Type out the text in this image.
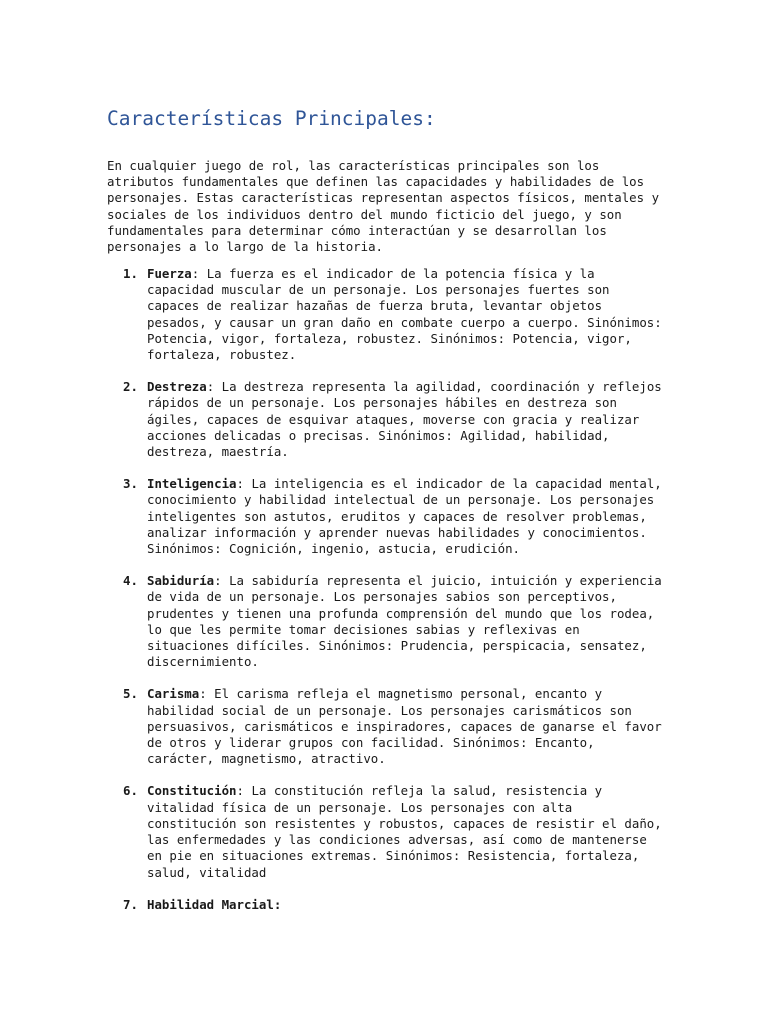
Características Principales:

En cualquier juego de rol, las características principales son los atributos fundamentales que definen las capacidades y habilidades de los personajes. Estas características representan aspectos físicos, mentales y sociales de los individuos dentro del mundo ficticio del juego, y son fundamentales para determinar cómo interactúan y se desarrollan los personajes a lo largo de la historia.

1. Fuerza: La fuerza es el indicador de la potencia física y la capacidad muscular de un personaje. Los personajes fuertes son capaces de realizar hazañas de fuerza bruta, levantar objetos pesados, y causar un gran daño en combate cuerpo a cuerpo. Sinónimos: Potencia, vigor, fortaleza, robustez. Sinónimos: Potencia, vigor, fortaleza, robustez.
2. Destreza: La destreza representa la agilidad, coordinación y reflejos rápidos de un personaje. Los personajes hábiles en destreza son ágiles, capaces de esquivar ataques, moverse con gracia y realizar acciones delicadas o precisas. Sinónimos: Agilidad, habilidad, destreza, maestría.
3. Inteligencia: La inteligencia es el indicador de la capacidad mental, conocimiento y habilidad intelectual de un personaje. Los personajes inteligentes son astutos, eruditos y capaces de resolver problemas, analizar información y aprender nuevas habilidades y conocimientos. Sinónimos: Cognición, ingenio, astucia, erudición.
4. Sabiduría: La sabiduría representa el juicio, intuición y experiencia de vida de un personaje. Los personajes sabios son perceptivos, prudentes y tienen una profunda comprensión del mundo que los rodea, lo que les permite tomar decisiones sabias y reflexivas en situaciones difíciles. Sinónimos: Prudencia, perspicacia, sensatez, discernimiento.
5. Carisma: El carisma refleja el magnetismo personal, encanto y habilidad social de un personaje. Los personajes carismáticos son persuasivos, carismáticos e inspiradores, capaces de ganarse el favor de otros y liderar grupos con facilidad. Sinónimos: Encanto, carácter, magnetismo, atractivo.
6. Constitución: La constitución refleja la salud, resistencia y vitalidad física de un personaje. Los personajes con alta constitución son resistentes y robustos, capaces de resistir el daño, las enfermedades y las condiciones adversas, así como de mantenerse en pie en situaciones extremas. Sinónimos: Resistencia, fortaleza, salud, vitalidad
7. Habilidad Marcial:
